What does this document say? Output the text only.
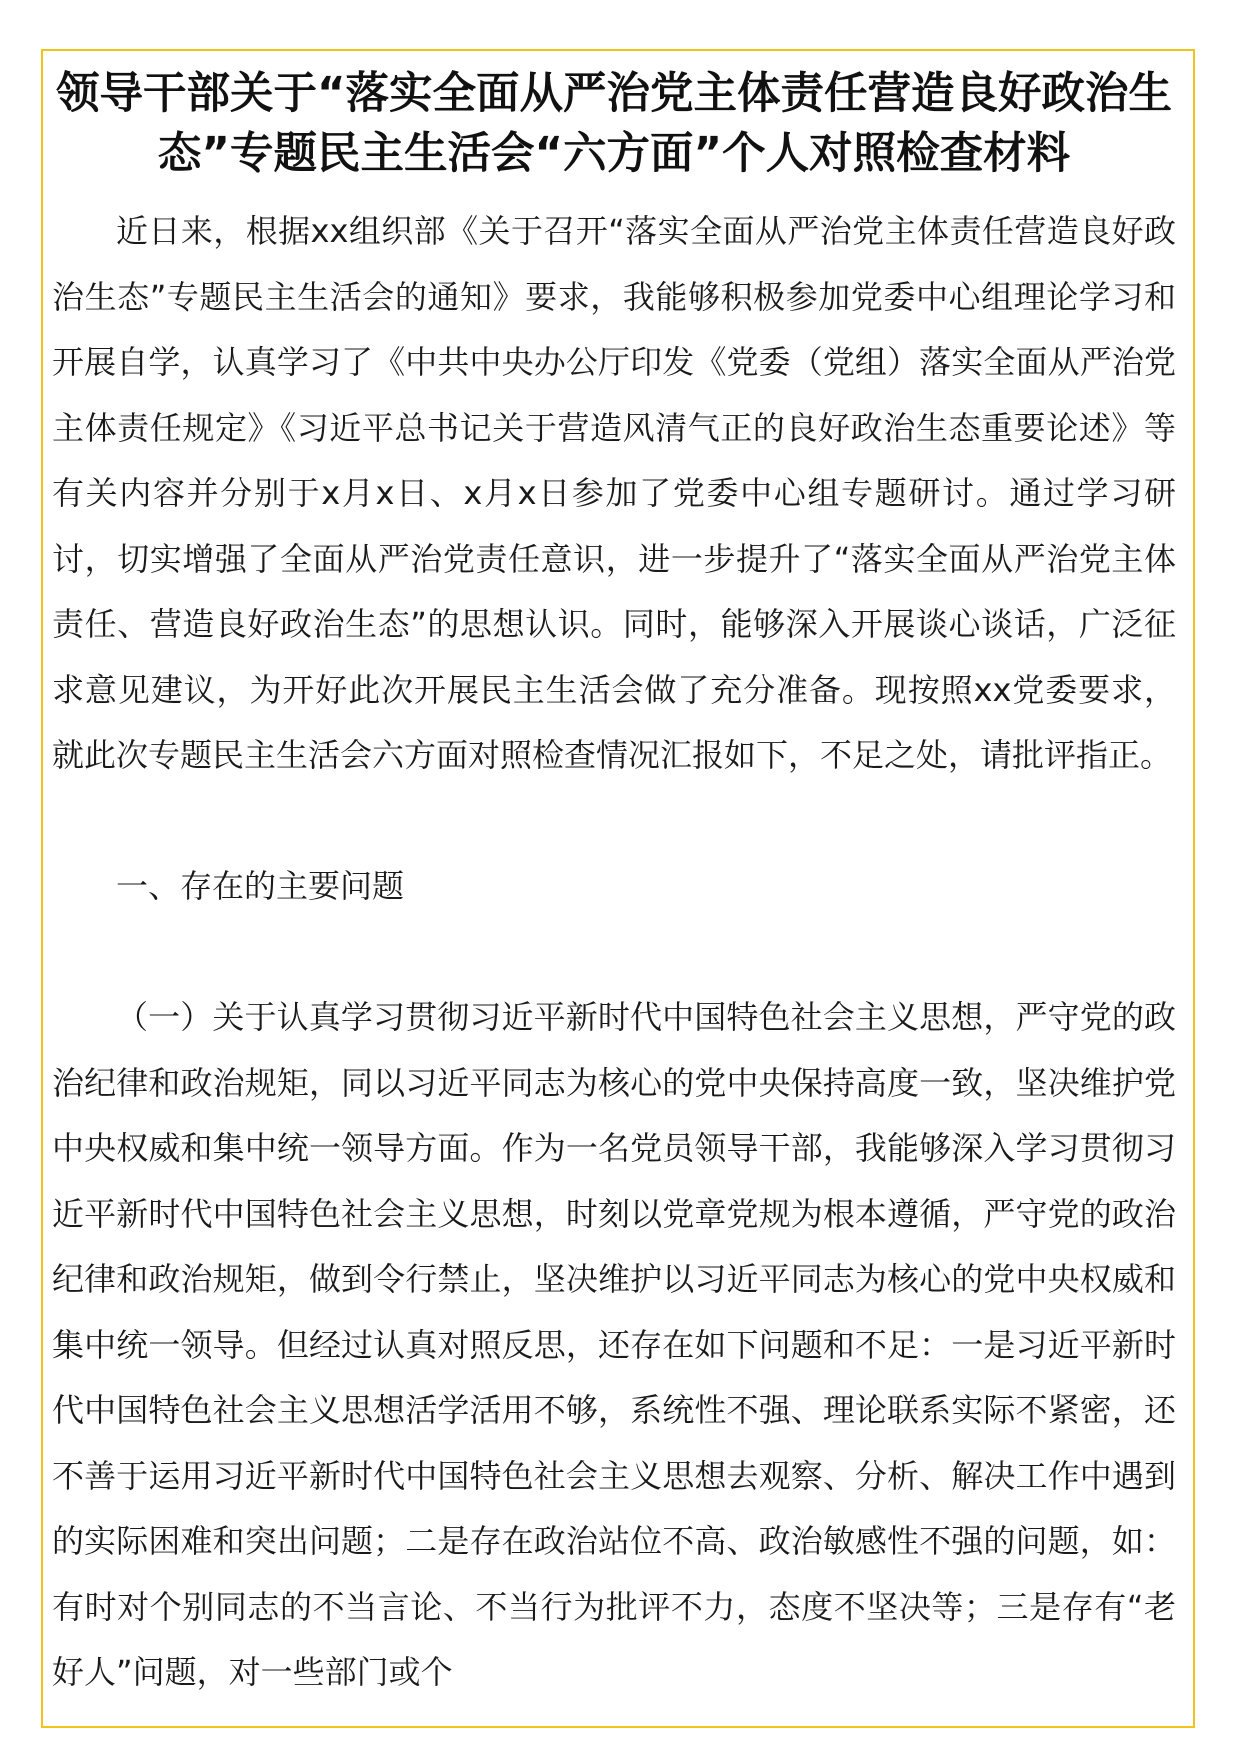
领导干部关于“落实全面从严治党主体责任营造良好政治生态”专题民主生活会“六方面”个人对照检查材料

近日来，根据xx组织部《关于召开“落实全面从严治党主体责任营造良好政治生态”专题民主生活会的通知》要求，我能够积极参加党委中心组理论学习和开展自学，认真学习了《中共中央办公厅印发《党委（党组）落实全面从严治党主体责任规定》《习近平总书记关于营造风清气正的良好政治生态重要论述》等有关内容并分别于x月x日、x月x日参加了党委中心组专题研讨。通过学习研讨，切实增强了全面从严治党责任意识，进一步提升了“落实全面从严治党主体责任、营造良好政治生态”的思想认识。同时，能够深入开展谈心谈话，广泛征求意见建议，为开好此次开展民主生活会做了充分准备。现按照xx党委要求，就此次专题民主生活会六方面对照检查情况汇报如下，不足之处，请批评指正。

一、存在的主要问题

（一）关于认真学习贯彻习近平新时代中国特色社会主义思想，严守党的政治纪律和政治规矩，同以习近平同志为核心的党中央保持高度一致，坚决维护党中央权威和集中统一领导方面。作为一名党员领导干部，我能够深入学习贯彻习近平新时代中国特色社会主义思想，时刻以党章党规为根本遵循，严守党的政治纪律和政治规矩，做到令行禁止，坚决维护以习近平同志为核心的党中央权威和集中统一领导。但经过认真对照反思，还存在如下问题和不足：一是习近平新时代中国特色社会主义思想活学活用不够，系统性不强、理论联系实际不紧密，还不善于运用习近平新时代中国特色社会主义思想去观察、分析、解决工作中遇到的实际困难和突出问题；二是存在政治站位不高、政治敏感性不强的问题，如：有时对个别同志的不当言论、不当行为批评不力，态度不坚决等；三是存有“老好人”问题，对一些部门或个
